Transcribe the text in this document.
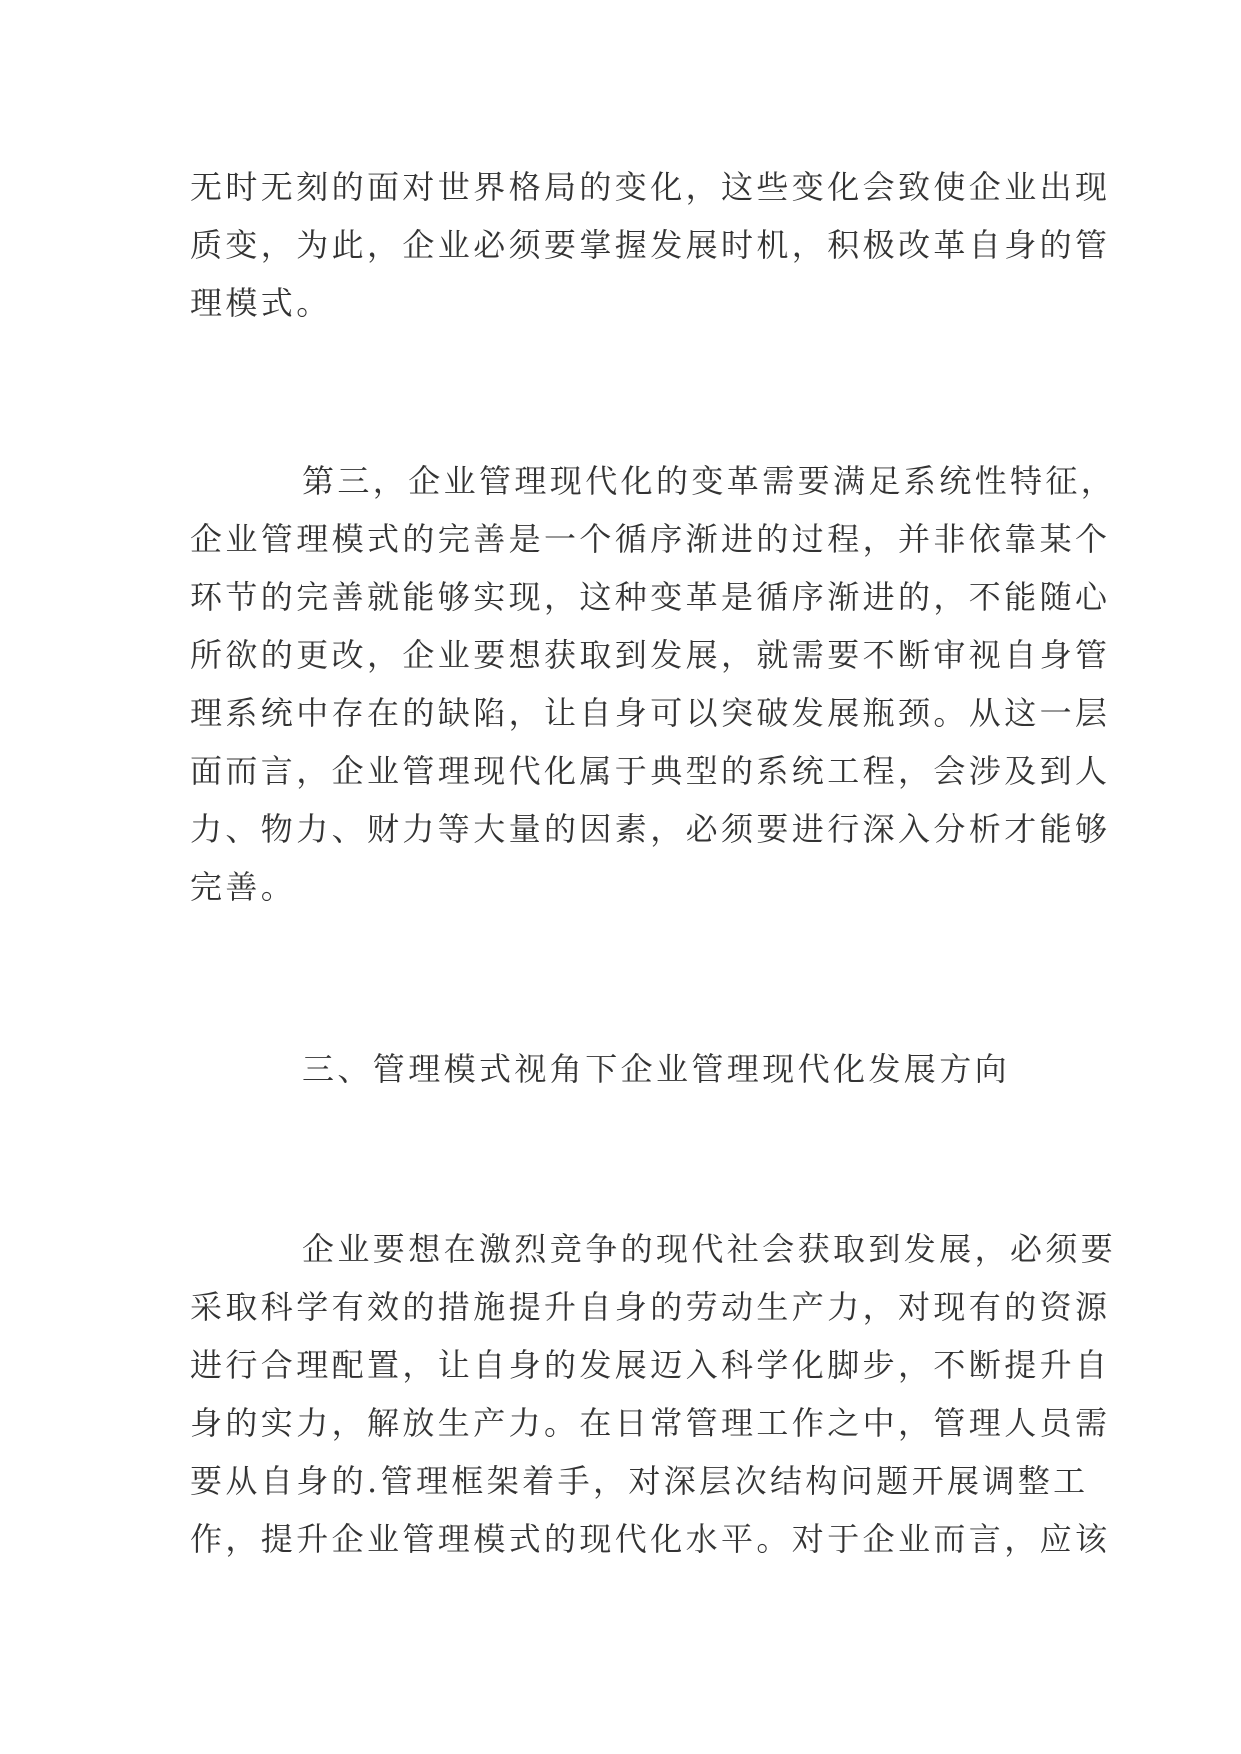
无时无刻的面对世界格局的变化，这些变化会致使企业出现
质变，为此，企业必须要掌握发展时机，积极改革自身的管
理模式。
第三，企业管理现代化的变革需要满足系统性特征，
企业管理模式的完善是一个循序渐进的过程，并非依靠某个
环节的完善就能够实现，这种变革是循序渐进的，不能随心
所欲的更改，企业要想获取到发展，就需要不断审视自身管
理系统中存在的缺陷，让自身可以突破发展瓶颈。从这一层
面而言，企业管理现代化属于典型的系统工程，会涉及到人
力、物力、财力等大量的因素，必须要进行深入分析才能够
完善。
三、管理模式视角下企业管理现代化发展方向
企业要想在激烈竞争的现代社会获取到发展，必须要
采取科学有效的措施提升自身的劳动生产力，对现有的资源
进行合理配置，让自身的发展迈入科学化脚步，不断提升自
身的实力，解放生产力。在日常管理工作之中，管理人员需
要从自身的.管理框架着手，对深层次结构问题开展调整工
作，提升企业管理模式的现代化水平。对于企业而言，应该
